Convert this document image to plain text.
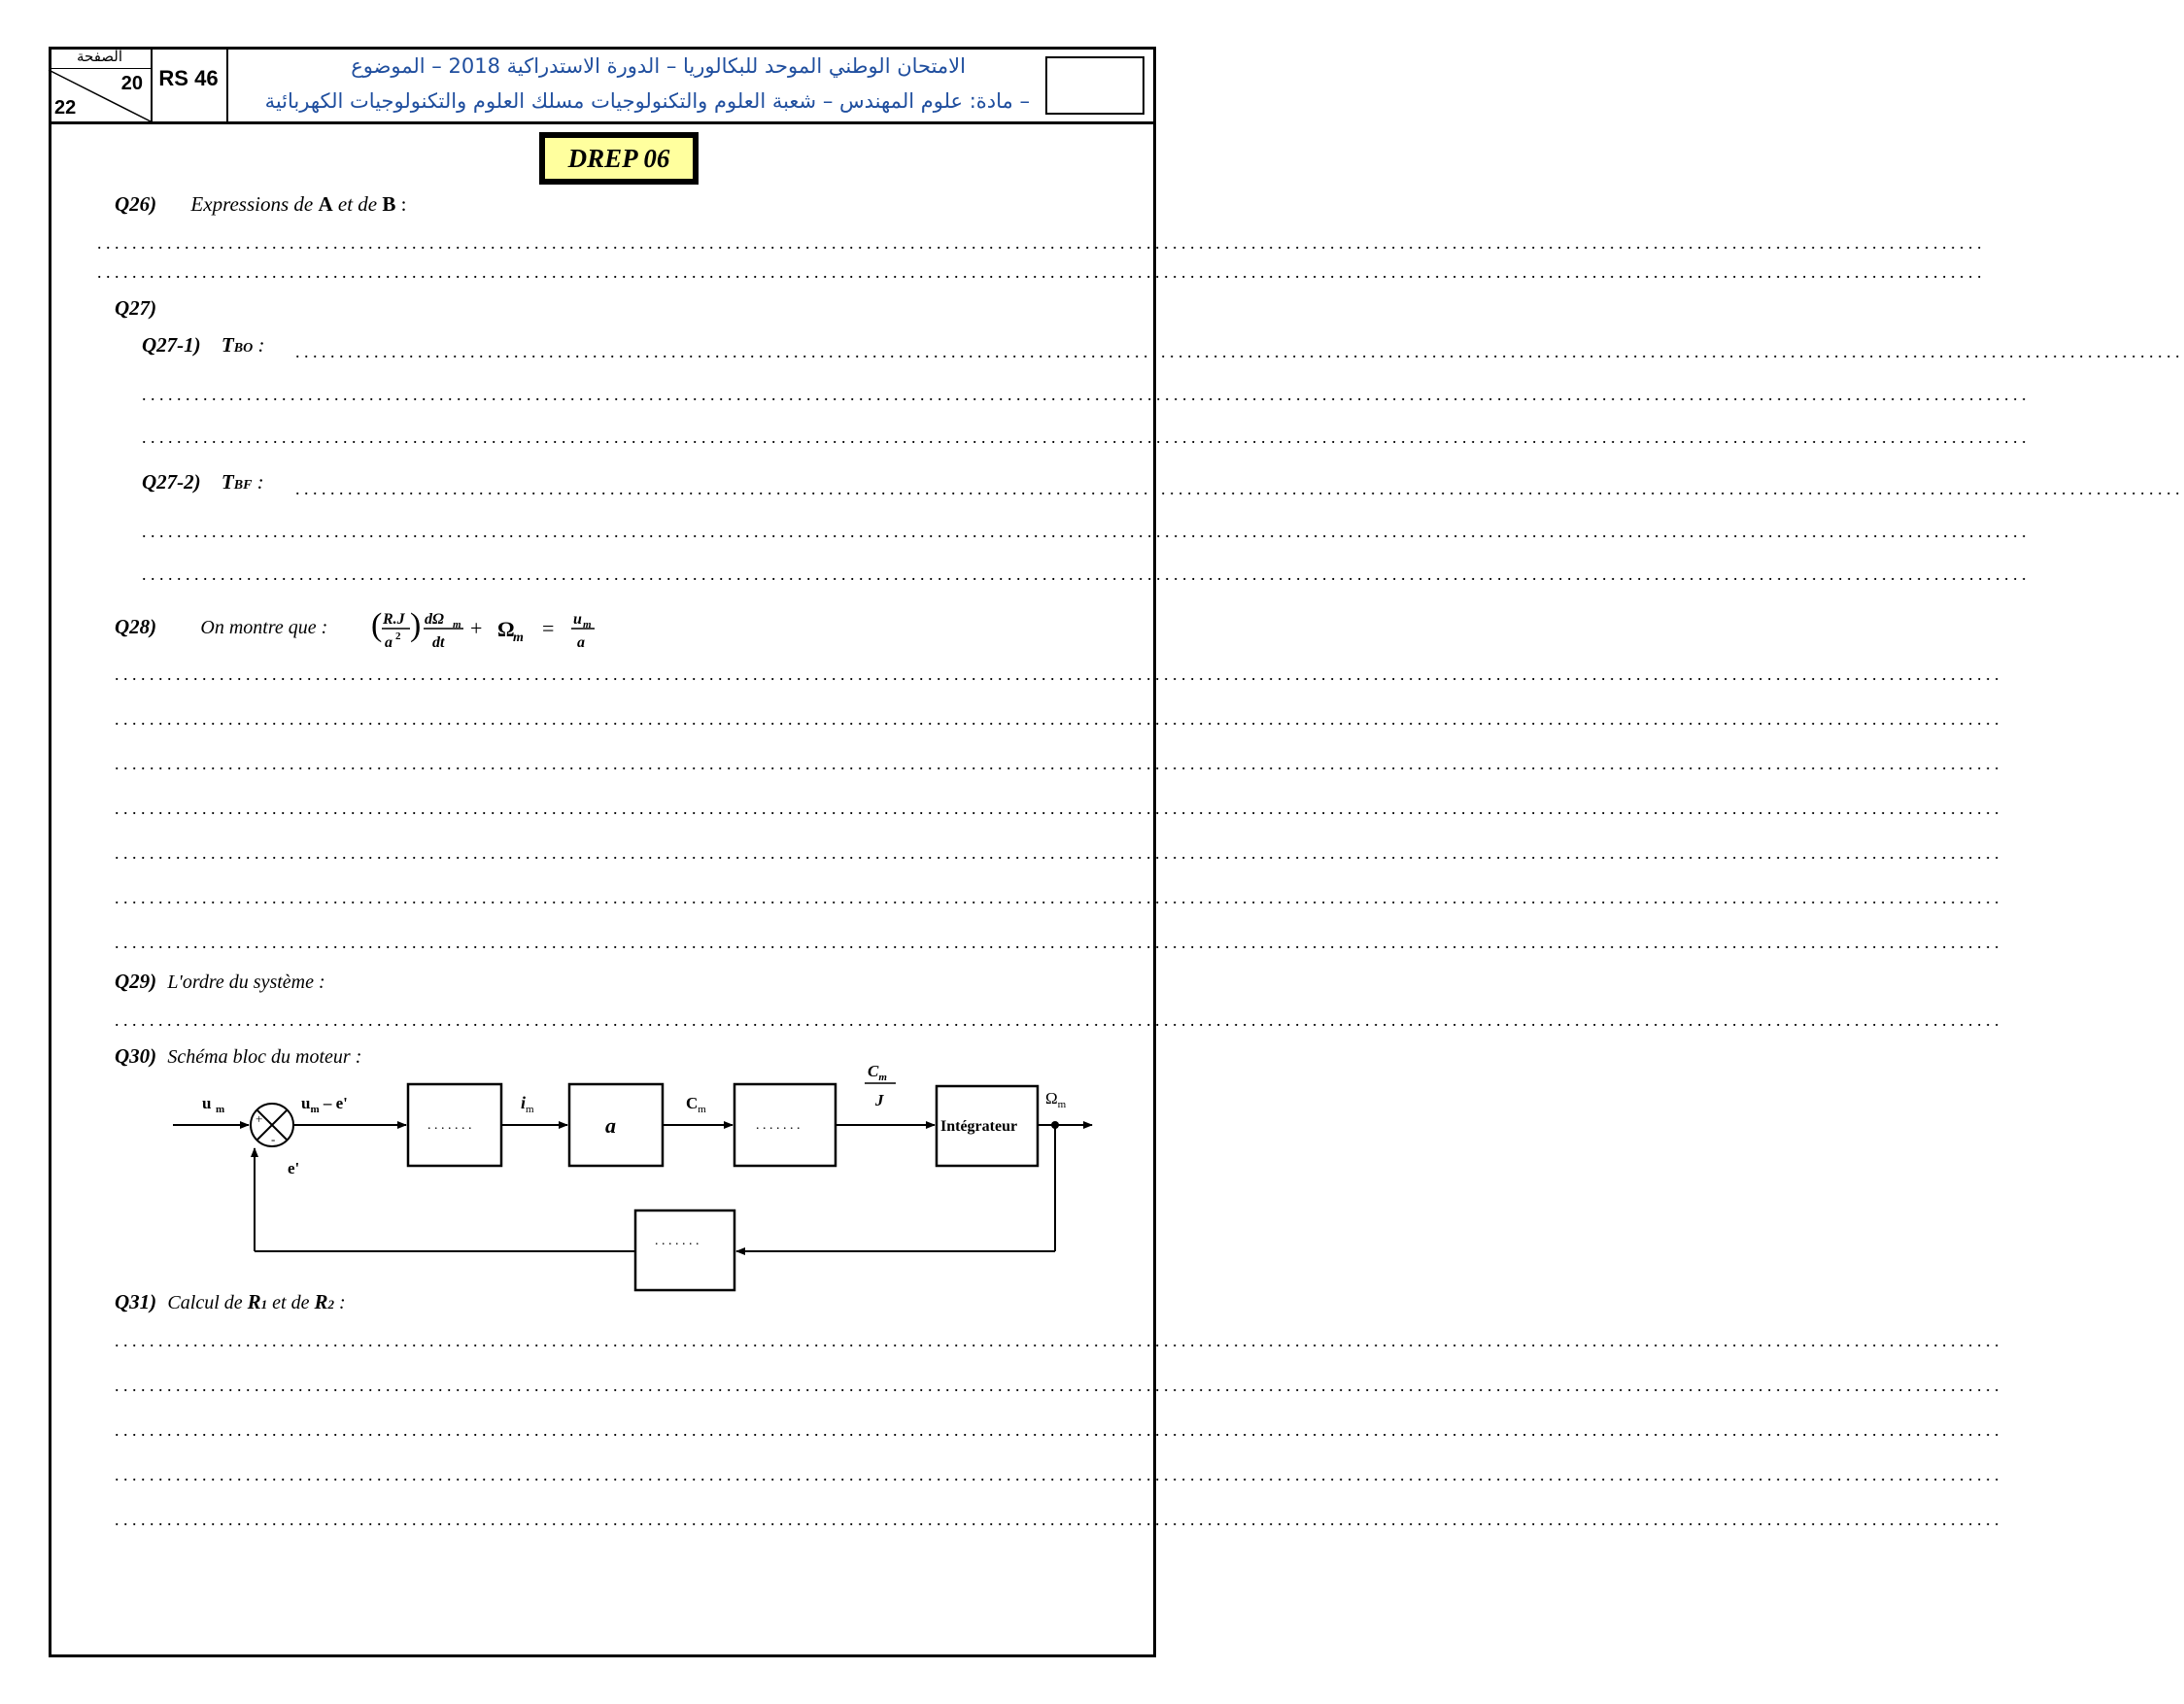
الصفحة
20
22
RS 46	الامتحان الوطني الموحد للبكالوريا – الدورة الاستدراكية 2018 – الموضوع
– مادة: علوم المهندس – شعبة العلوم والتكنولوجيات مسلك العلوم والتكنولوجيات الكهربائية
DREP 06
Q26) Expressions de A et de B :
........................................................................................................................................................................................................................
........................................................................................................................................................................................................................
Q27)
Q27-1) TBO : ........................................................................................................................................................................................................................
........................................................................................................................................................................................................................
........................................................................................................................................................................................................................
Q27-2) TBF : ........................................................................................................................................................................................................................
........................................................................................................................................................................................................................
........................................................................................................................................................................................................................
Q28) On montre que : ( R.J
a 2 ) dΩ m
dt
+ Ω
m = u m
a
........................................................................................................................................................................................................................
........................................................................................................................................................................................................................
........................................................................................................................................................................................................................
........................................................................................................................................................................................................................
........................................................................................................................................................................................................................
........................................................................................................................................................................................................................
........................................................................................................................................................................................................................
Q29) L'ordre du système :
........................................................................................................................................................................................................................
Q30) Schéma bloc du moteur :
u m
+
-
$u_m$ – e'
e'
$i_m$	$C_m$
a
. . . . . . .	. . . . . . .
$C_m$
J
Intégrateur
$\Omega_m$
. . . . . . .
Q31) Calcul de R1 et de R2 :
........................................................................................................................................................................................................................
........................................................................................................................................................................................................................
........................................................................................................................................................................................................................
........................................................................................................................................................................................................................
........................................................................................................................................................................................................................
